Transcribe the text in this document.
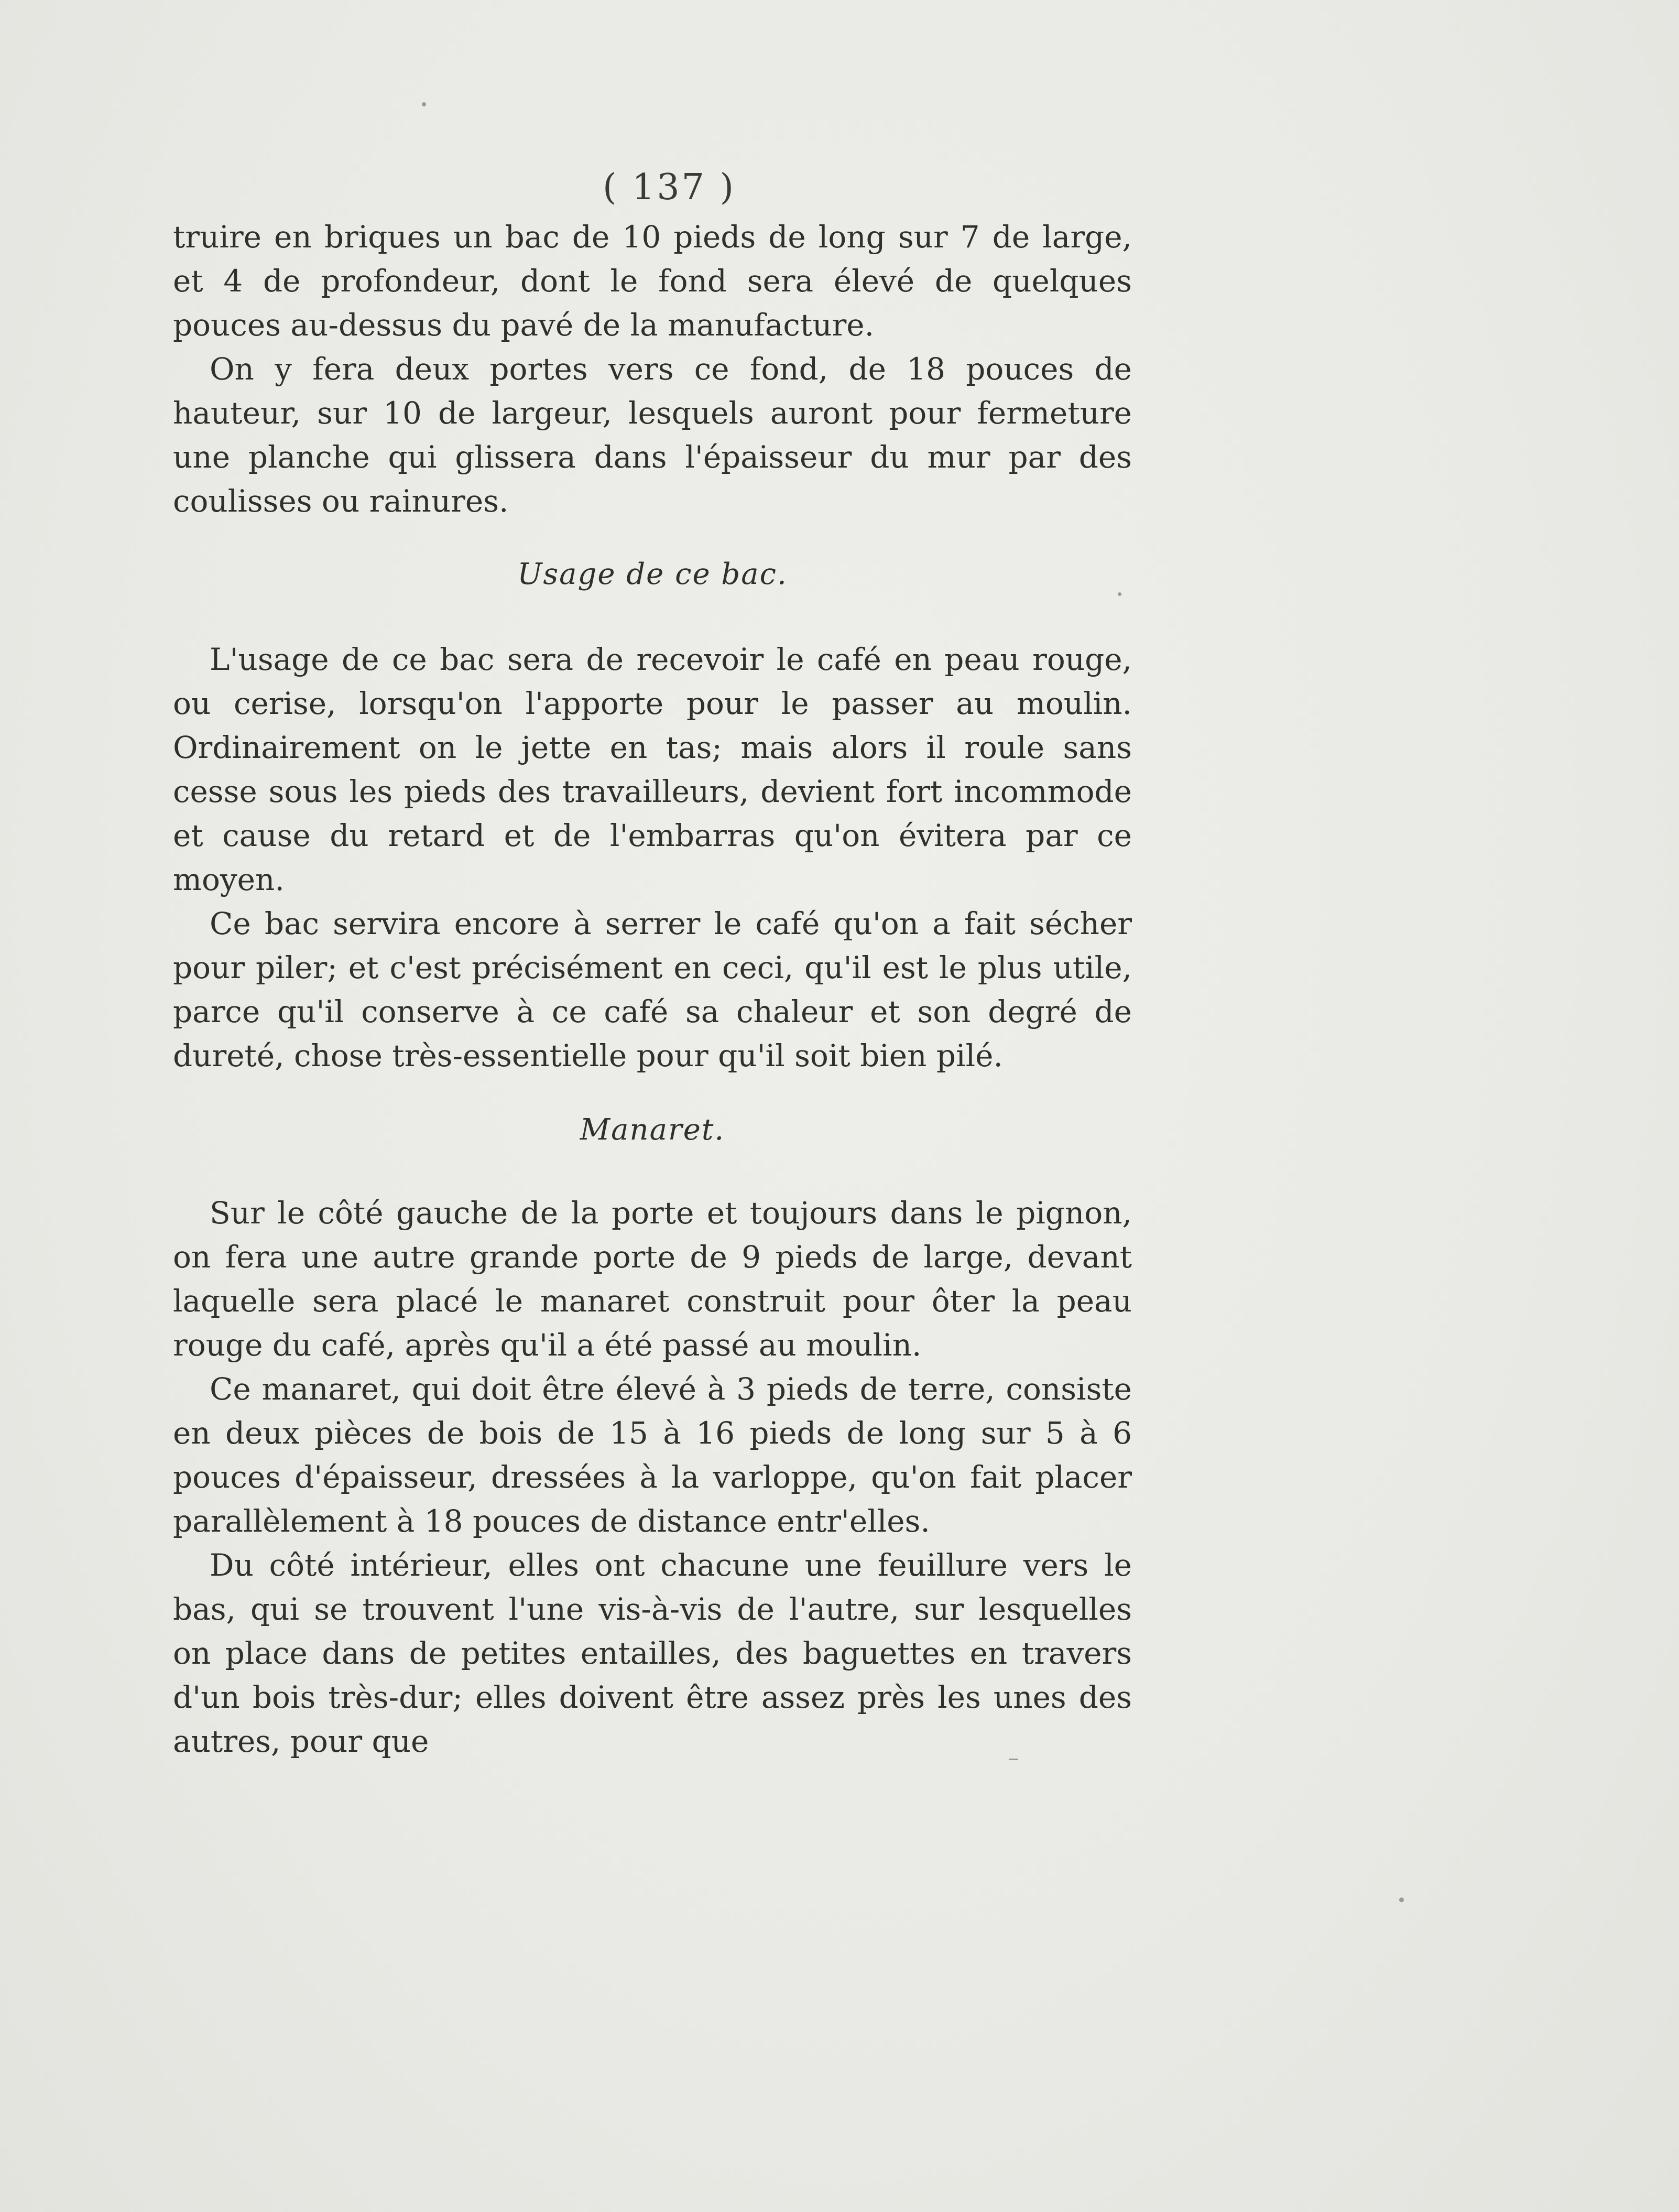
( 137 )

truire en briques un bac de 10 pieds de long sur 7 de large, et 4 de profondeur, dont le fond sera élevé de quelques pouces au-dessus du pavé de la manufacture.

On y fera deux portes vers ce fond, de 18 pouces de hauteur, sur 10 de largeur, lesquels auront pour fermeture une planche qui glissera dans l'épaisseur du mur par des coulisses ou rainures.

Usage de ce bac.

L'usage de ce bac sera de recevoir le café en peau rouge, ou cerise, lorsqu'on l'apporte pour le passer au moulin. Ordinairement on le jette en tas; mais alors il roule sans cesse sous les pieds des travailleurs, devient fort incommode et cause du retard et de l'embarras qu'on évitera par ce moyen.

Ce bac servira encore à serrer le café qu'on a fait sécher pour piler; et c'est précisément en ceci, qu'il est le plus utile, parce qu'il conserve à ce café sa chaleur et son degré de dureté, chose très-essentielle pour qu'il soit bien pilé.

Manaret.

Sur le côté gauche de la porte et toujours dans le pignon, on fera une autre grande porte de 9 pieds de large, devant laquelle sera placé le manaret construit pour ôter la peau rouge du café, après qu'il a été passé au moulin.

Ce manaret, qui doit être élevé à 3 pieds de terre, consiste en deux pièces de bois de 15 à 16 pieds de long sur 5 à 6 pouces d'épaisseur, dressées à la varloppe, qu'on fait placer parallèlement à 18 pouces de distance entr'elles.

Du côté intérieur, elles ont chacune une feuillure vers le bas, qui se trouvent l'une vis-à-vis de l'autre, sur lesquelles on place dans de petites entailles, des baguettes en travers d'un bois très-dur; elles doivent être assez près les unes des autres, pour que
